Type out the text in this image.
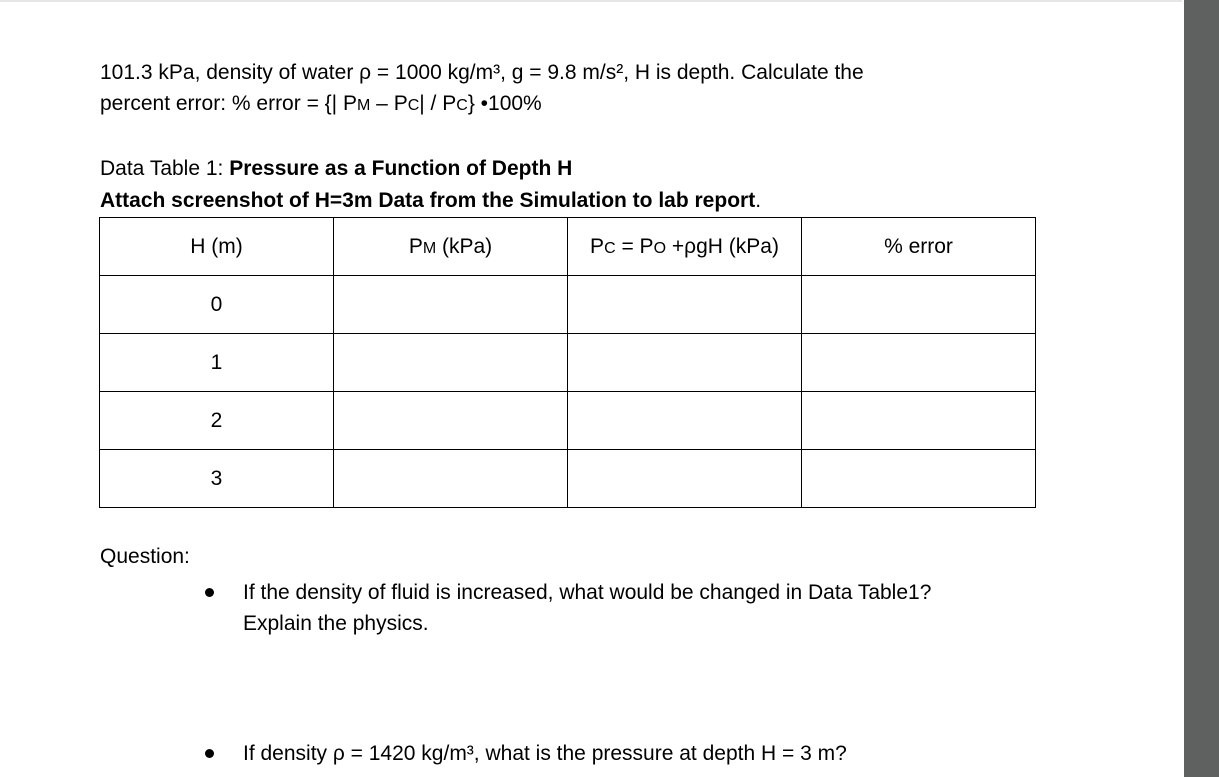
101.3 kPa, density of water ρ = 1000 kg/m³, g = 9.8 m/s², H is depth. Calculate the

percent error: % error = {| PM – PC| / PC} •100%

Data Table 1: Pressure as a Function of Depth H

Attach screenshot of H=3m Data from the Simulation to lab report.

H (m)	PM (kPa)	PC = PO +ρgH (kPa)	% error
0			
1			
2			
3			
Question:
If the density of fluid is increased, what would be changed in Data Table1?
Explain the physics.
If density ρ = 1420 kg/m³, what is the pressure at depth H = 3 m?
